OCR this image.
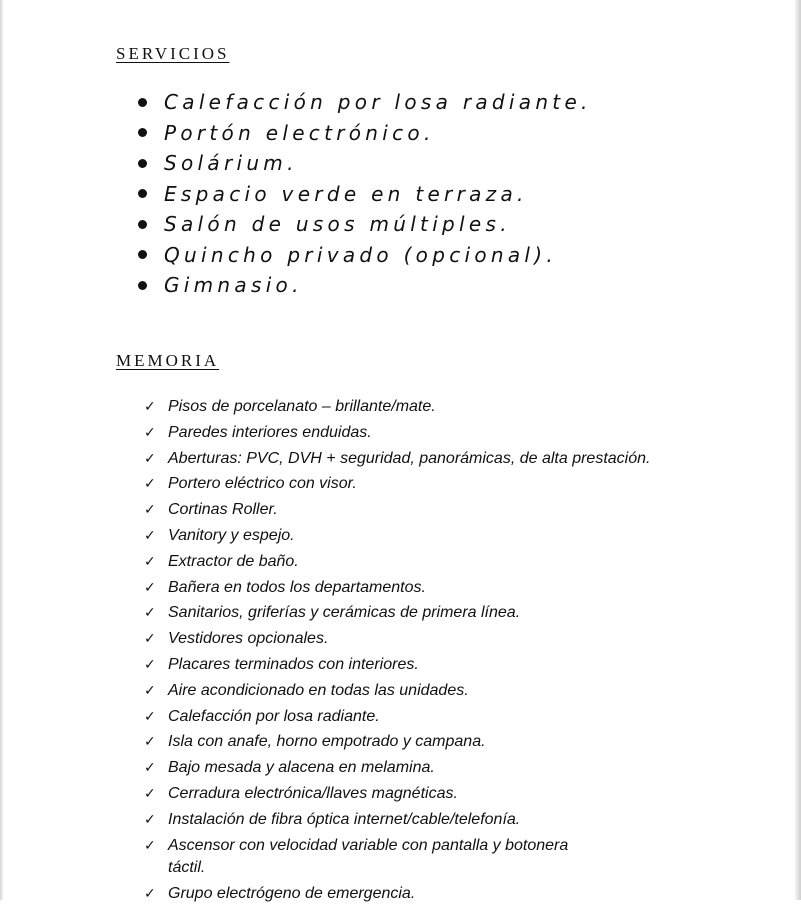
SERVICIOS
Calefacción por losa radiante.
Portón electrónico.
Solárium.
Espacio verde en terraza.
Salón de usos múltiples.
Quincho privado (opcional).
Gimnasio.
MEMORIA
✓ Pisos de porcelanato – brillante/mate.
✓ Paredes interiores enduidas.
✓ Aberturas: PVC, DVH + seguridad, panorámicas, de alta prestación.
✓ Portero eléctrico con visor.
✓ Cortinas Roller.
✓ Vanitory y espejo.
✓ Extractor de baño.
✓ Bañera en todos los departamentos.
✓ Sanitarios, griferías y cerámicas de primera línea.
✓ Vestidores opcionales.
✓ Placares terminados con interiores.
✓ Aire acondicionado en todas las unidades.
✓ Calefacción por losa radiante.
✓ Isla con anafe, horno empotrado y campana.
✓ Bajo mesada y alacena en melamina.
✓ Cerradura electrónica/llaves magnéticas.
✓ Instalación de fibra óptica internet/cable/telefonía.
✓ Ascensor con velocidad variable con pantalla y botonera táctil.
✓ Grupo electrógeno de emergencia.
